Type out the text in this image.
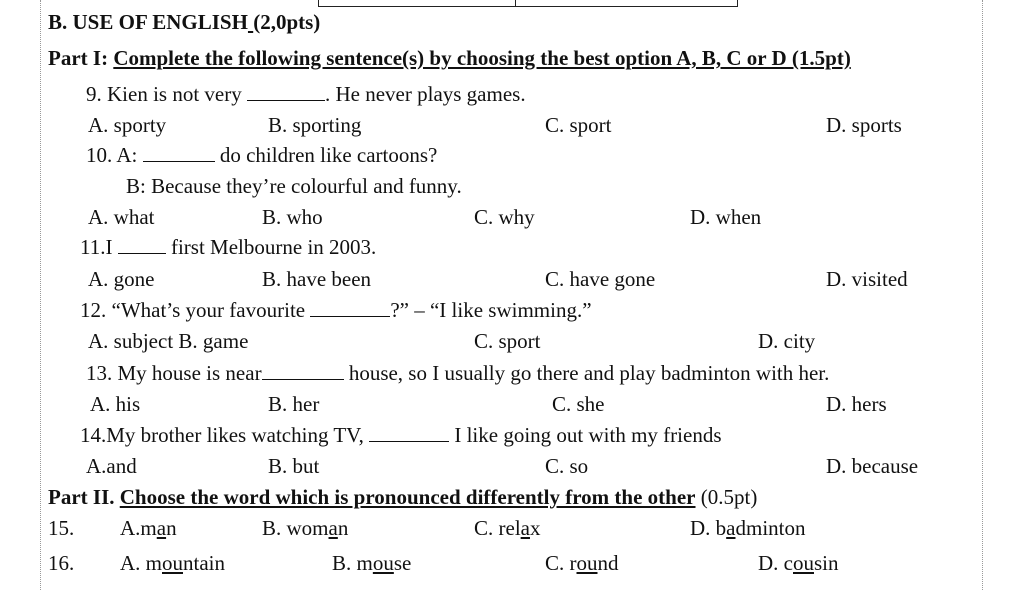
B. USE OF ENGLISH (2,0pts)
Part I: Complete the following sentence(s) by choosing the best option A, B, C or D (1.5pt)
9. Kien is not very	. He never plays games.
A. sporty	B. sporting	C. sport	D. sports
10. A:	do children like cartoons?
B: Because they’re colourful and funny.
A. what	B. who	C. why	D. when
11.I	first Melbourne in 2003.
A. gone	B. have been	C. have gone	D. visited
12. “What’s your favourite	?” – “I like swimming.”
A. subject B. game	C. sport	D. city
13. My house is near	house, so I usually go there and play badminton with her.
A. his	B. her	C. she	D. hers
14.My brother likes watching TV,	I like going out with my friends
A.and	B. but	C. so	D. because
Part II. Choose the word which is pronounced differently from the other (0.5pt)
15. A.man	B. woman	C. relax	D. badminton
16. A. mountain	B. mouse	C. round	D. cousin
